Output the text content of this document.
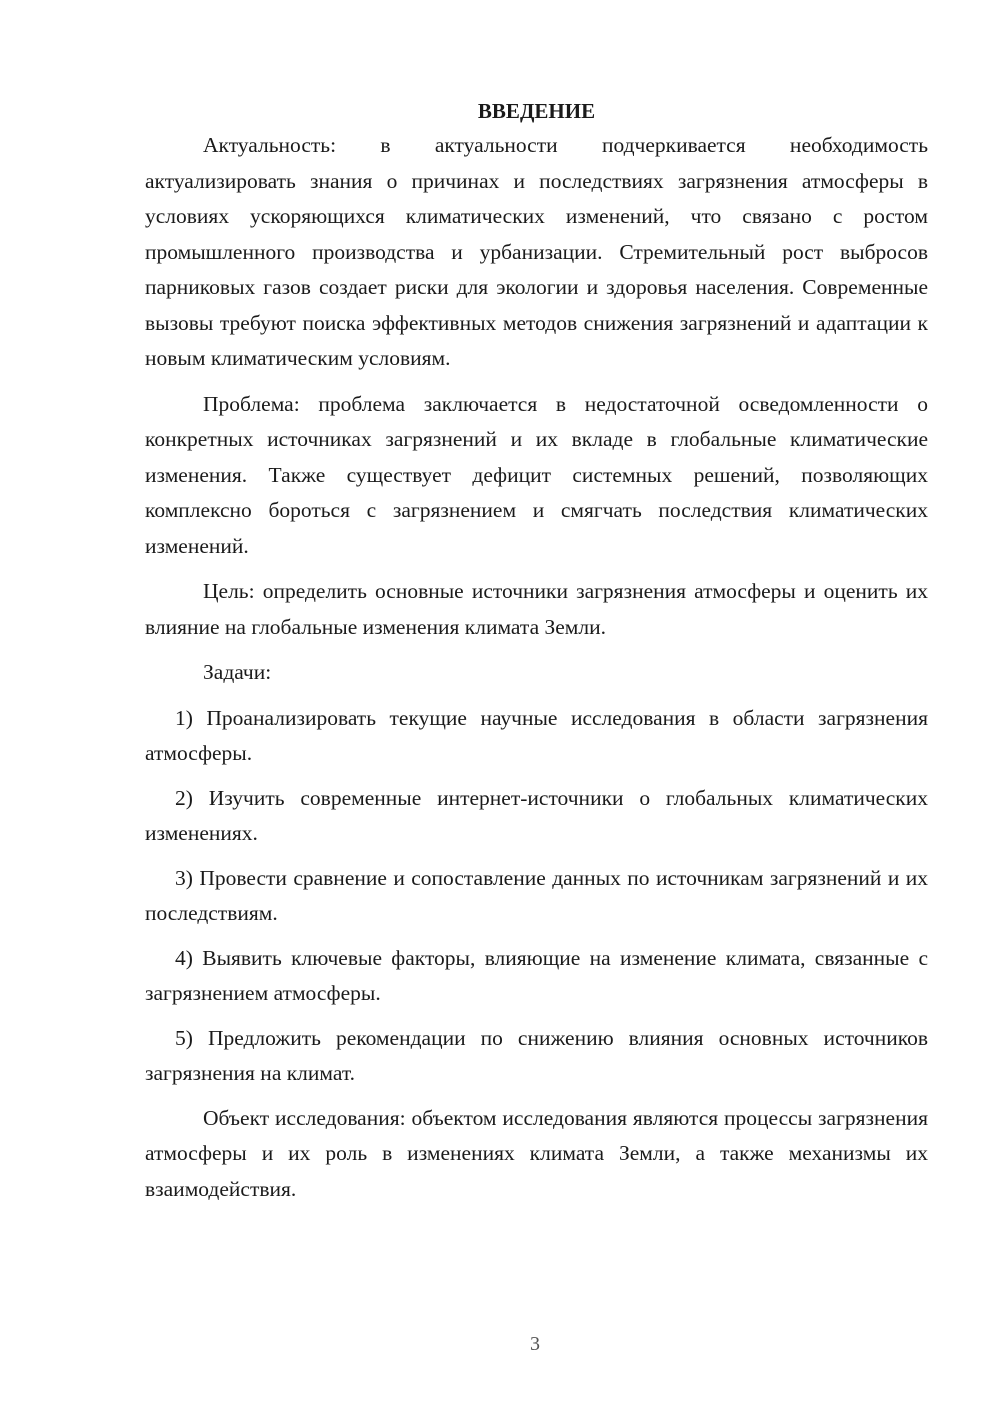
ВВЕДЕНИЕ

Актуальность: в актуальности подчеркивается необходимость актуализировать знания о причинах и последствиях загрязнения атмосферы в условиях ускоряющихся климатических изменений, что связано с ростом промышленного производства и урбанизации. Стремительный рост выбросов парниковых газов создает риски для экологии и здоровья населения. Современные вызовы требуют поиска эффективных методов снижения загрязнений и адаптации к новым климатическим условиям.

Проблема: проблема заключается в недостаточной осведомленности о конкретных источниках загрязнений и их вкладе в глобальные климатические изменения. Также существует дефицит системных решений, позволяющих комплексно бороться с загрязнением и смягчать последствия климатических изменений.

Цель: определить основные источники загрязнения атмосферы и оценить их влияние на глобальные изменения климата Земли.

Задачи:

1) Проанализировать текущие научные исследования в области загрязнения атмосферы.

2) Изучить современные интернет-источники о глобальных климатических изменениях.

3) Провести сравнение и сопоставление данных по источникам загрязнений и их последствиям.

4) Выявить ключевые факторы, влияющие на изменение климата, связанные с загрязнением атмосферы.

5) Предложить рекомендации по снижению влияния основных источников загрязнения на климат.

Объект исследования: объектом исследования являются процессы загрязнения атмосферы и их роль в изменениях климата Земли, а также механизмы их взаимодействия.

3
